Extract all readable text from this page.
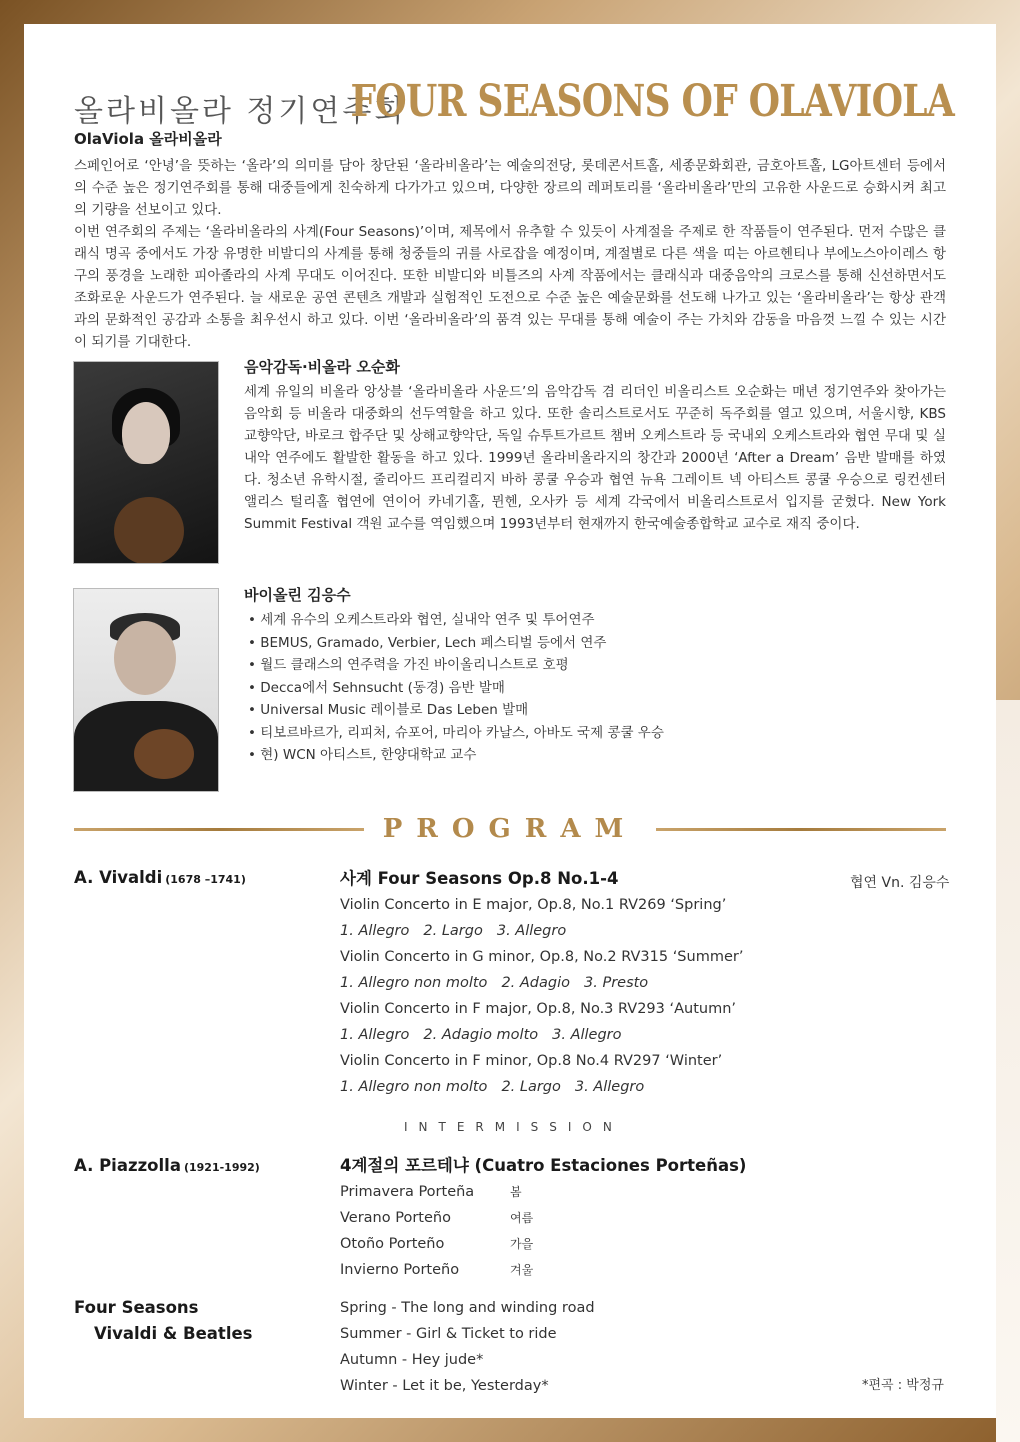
올라비올라 정기연주회
FOUR SEASONS OF OLAVIOLA
OlaViola 올라비올라

스페인어로 ‘안녕’을 뜻하는 ‘올라’의 의미를 담아 창단된 ‘올라비올라’는 예술의전당, 롯데콘서트홀, 세종문화회관, 금호아트홀, LG아트센터 등에서의 수준 높은 정기연주회를 통해 대중들에게 친숙하게 다가가고 있으며, 다양한 장르의 레퍼토리를 ‘올라비올라’만의 고유한 사운드로 승화시켜 최고의 기량을 선보이고 있다.

이번 연주회의 주제는 ‘올라비올라의 사계(Four Seasons)’이며, 제목에서 유추할 수 있듯이 사계절을 주제로 한 작품들이 연주된다. 먼저 수많은 클래식 명곡 중에서도 가장 유명한 비발디의 사계를 통해 청중들의 귀를 사로잡을 예정이며, 계절별로 다른 색을 띠는 아르헨티나 부에노스아이레스 항구의 풍경을 노래한 피아졸라의 사계 무대도 이어진다. 또한 비발디와 비틀즈의 사계 작품에서는 클래식과 대중음악의 크로스를 통해 신선하면서도 조화로운 사운드가 연주된다. 늘 새로운 공연 콘텐츠 개발과 실험적인 도전으로 수준 높은 예술문화를 선도해 나가고 있는 ‘올라비올라’는 항상 관객과의 문화적인 공감과 소통을 최우선시 하고 있다. 이번 ‘올라비올라’의 품격 있는 무대를 통해 예술이 주는 가치와 감동을 마음껏 느낄 수 있는 시간이 되기를 기대한다.

음악감독·비올라 오순화

세계 유일의 비올라 앙상블 ‘올라비올라 사운드’의 음악감독 겸 리더인 비올리스트 오순화는 매년 정기연주와 찾아가는 음악회 등 비올라 대중화의 선두역할을 하고 있다. 또한 솔리스트로서도 꾸준히 독주회를 열고 있으며, 서울시향, KBS 교향악단, 바로크 합주단 및 상해교향악단, 독일 슈투트가르트 챔버 오케스트라 등 국내외 오케스트라와 협연 무대 및 실내악 연주에도 활발한 활동을 하고 있다. 1999년 올라비올라지의 창간과 2000년 ‘After a Dream’ 음반 발매를 하였다. 청소년 유학시절, 줄리아드 프리컬리지 바하 콩쿨 우승과 협연 뉴욕 그레이트 넥 아티스트 콩쿨 우승으로 링컨센터 앨리스 털리홀 협연에 연이어 카네기홀, 뮌헨, 오사카 등 세계 각국에서 비올리스트로서 입지를 굳혔다. New York Summit Festival 객원 교수를 역임했으며 1993년부터 현재까지 한국예술종합학교 교수로 재직 중이다.

바이올린 김응수
• 세계 유수의 오케스트라와 협연, 실내악 연주 및 투어연주
• BEMUS, Gramado, Verbier, Lech 페스티벌 등에서 연주
• 월드 클래스의 연주력을 가진 바이올리니스트로 호평
• Decca에서 Sehnsucht (동경) 음반 발매
• Universal Music 레이블로 Das Leben 발매
• 티보르바르가, 리피처, 슈포어, 마리아 카날스, 아바도 국제 콩쿨 우승
• 현) WCN 아티스트, 한양대학교 교수
PROGRAM
A. Vivaldi (1678 –1741)	협연 Vn. 김응수
사계 Four Seasons Op.8 No.1-4
Violin Concerto in E major, Op.8, No.1 RV269 ‘Spring’
1. Allegro 2. Largo 3. Allegro
Violin Concerto in G minor, Op.8, No.2 RV315 ‘Summer’
1. Allegro non molto 2. Adagio 3. Presto
Violin Concerto in F major, Op.8, No.3 RV293 ‘Autumn’
1. Allegro 2. Adagio molto 3. Allegro
Violin Concerto in F minor, Op.8 No.4 RV297 ‘Winter’
1. Allegro non molto 2. Largo 3. Allegro
INTERMISSION
A. Piazzolla (1921-1992)	4계절의 포르테냐 (Cuatro Estaciones Porteñas)
Primavera Porteña	봄
Verano Porteño	여름
Otoño Porteño	가을
Invierno Porteño	겨울
Four Seasons
Vivaldi & Beatles
Spring - The long and winding road
Summer - Girl & Ticket to ride
Autumn - Hey jude*
Winter - Let it be, Yesterday*	*편곡 : 박정규
